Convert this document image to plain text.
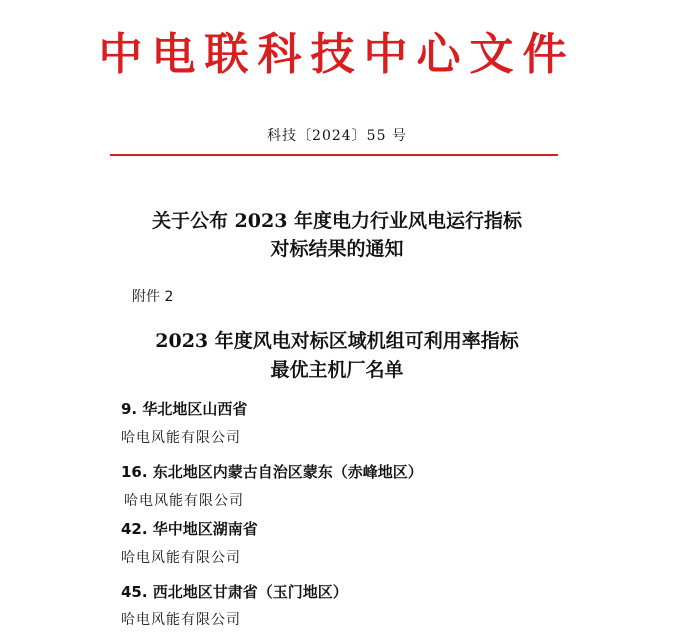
中电联科技中心文件
科技〔2024〕55 号
关于公布 2023 年度电力行业风电运行指标
对标结果的通知
附件 2
2023 年度风电对标区域机组可利用率指标
最优主机厂名单
9. 华北地区山西省
哈电风能有限公司
16. 东北地区内蒙古自治区蒙东（赤峰地区）
哈电风能有限公司
42. 华中地区湖南省
哈电风能有限公司
45. 西北地区甘肃省（玉门地区）
哈电风能有限公司
